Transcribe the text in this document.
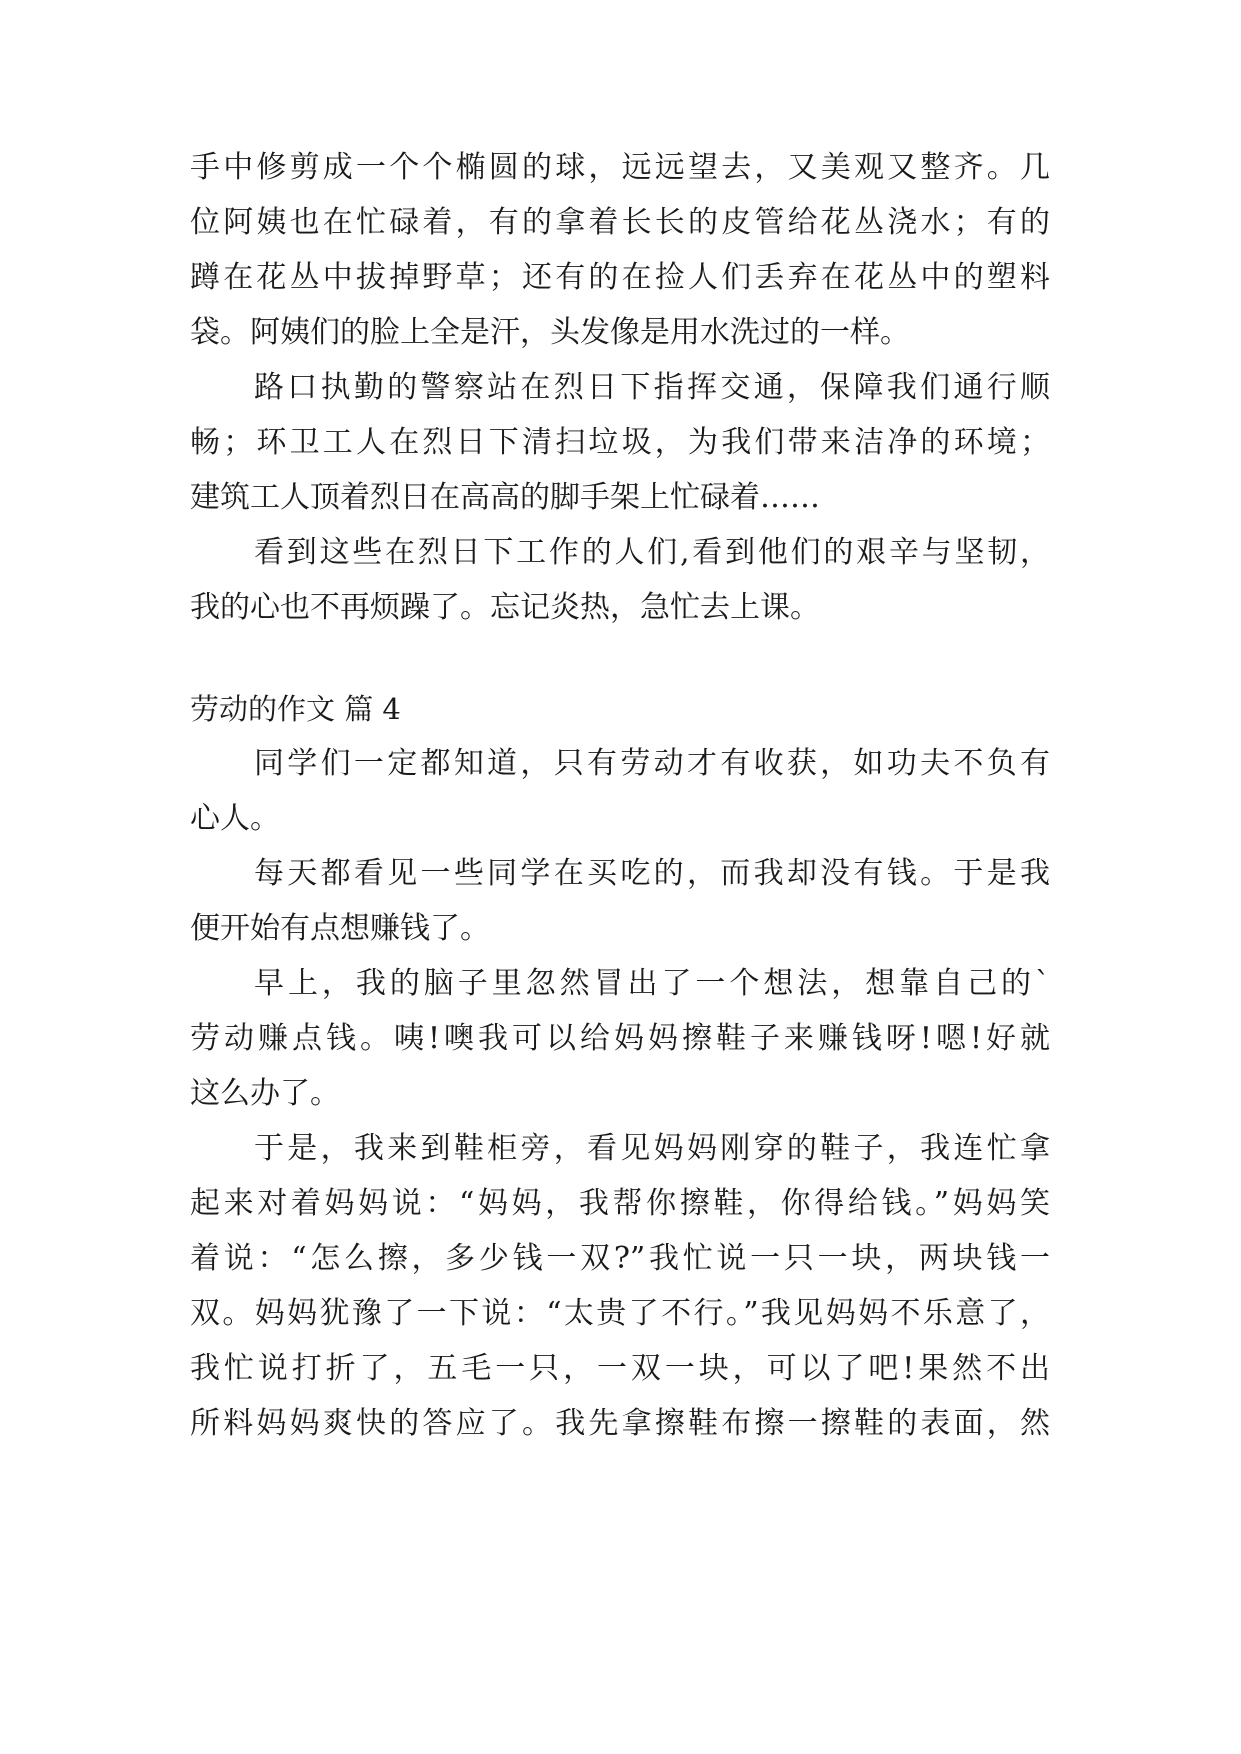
手中修剪成一个个椭圆的球，远远望去，又美观又整齐。几

位阿姨也在忙碌着，有的拿着长长的皮管给花丛浇水；有的

蹲在花丛中拔掉野草；还有的在捡人们丢弃在花丛中的塑料

袋。阿姨们的脸上全是汗，头发像是用水洗过的一样。

路口执勤的警察站在烈日下指挥交通，保障我们通行顺

畅；环卫工人在烈日下清扫垃圾，为我们带来洁净的环境；

建筑工人顶着烈日在高高的脚手架上忙碌着……

看到这些在烈日下工作的人们,看到他们的艰辛与坚韧，

我的心也不再烦躁了。忘记炎热，急忙去上课。

劳动的作文 篇 4

同学们一定都知道，只有劳动才有收获，如功夫不负有

心人。

每天都看见一些同学在买吃的，而我却没有钱。于是我

便开始有点想赚钱了。

早上，我的脑子里忽然冒出了一个想法，想靠自己的`

劳动赚点钱。咦!噢我可以给妈妈擦鞋子来赚钱呀!嗯!好就

这么办了。

于是，我来到鞋柜旁，看见妈妈刚穿的鞋子，我连忙拿

起来对着妈妈说：“妈妈，我帮你擦鞋，你得给钱。”妈妈笑

着说：“怎么擦，多少钱一双?”我忙说一只一块，两块钱一

双。妈妈犹豫了一下说：“太贵了不行。”我见妈妈不乐意了，

我忙说打折了，五毛一只，一双一块，可以了吧!果然不出

所料妈妈爽快的答应了。我先拿擦鞋布擦一擦鞋的表面，然
